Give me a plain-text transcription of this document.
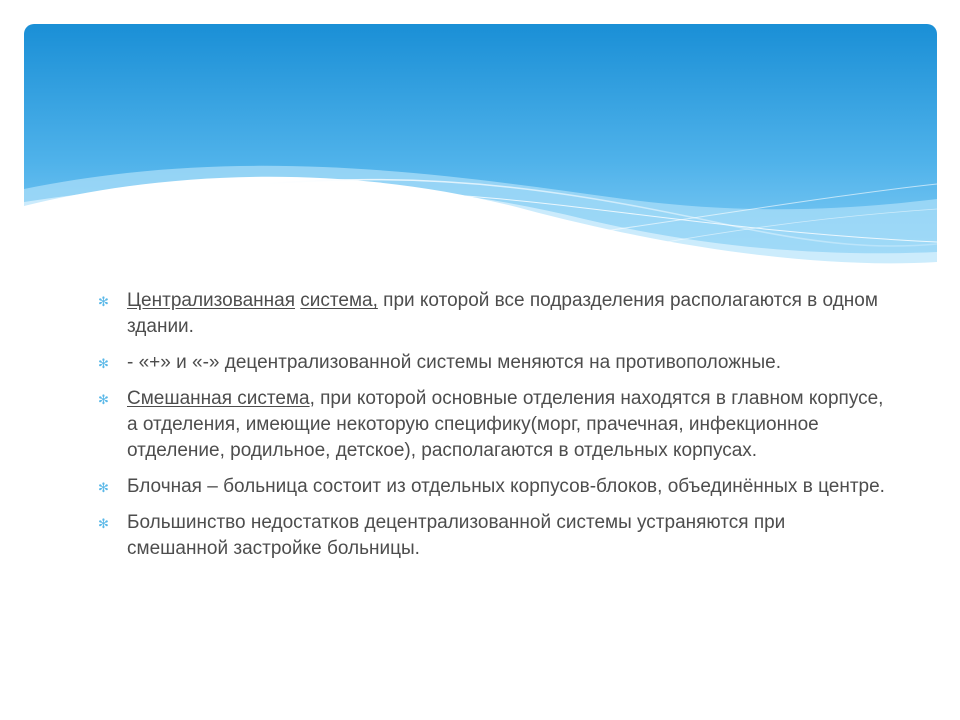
✻ Централизованная система, при которой все подразделения располагаются в одном здании.
✻ - «+» и «-» децентрализованной системы меняются на противоположные.
✻ Смешанная система, при которой основные отделения находятся в главном корпусе, а отделения, имеющие некоторую специфику(морг, прачечная, инфекционное отделение, родильное, детское), располагаются в отдельных корпусах.
✻ Блочная – больница состоит из отдельных корпусов-блоков, объединённых в центре.
✻ Большинство недостатков децентрализованной системы устраняются при смешанной застройке больницы.
